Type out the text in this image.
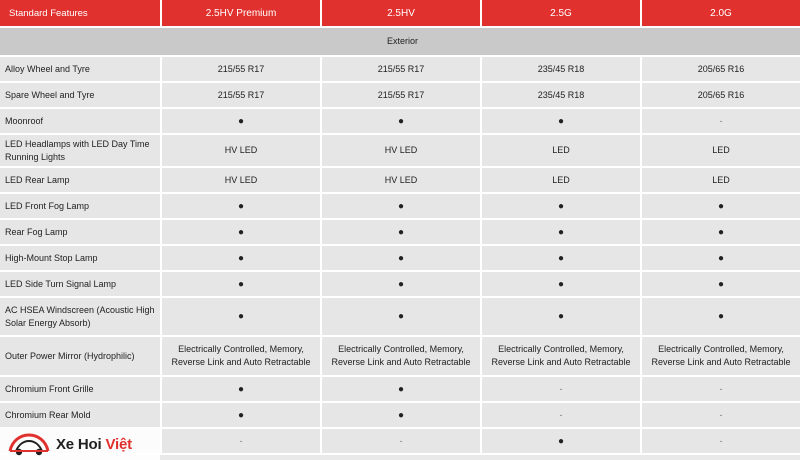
Standard Features	2.5HV Premium	2.5HV	2.5G	2.0G
Exterior				
Alloy Wheel and Tyre	215/55 R17	215/55 R17	235/45 R18	205/65 R16
Spare Wheel and Tyre	215/55 R17	215/55 R17	235/45 R18	205/65 R16
Moonroof	●	●	●	-
LED Headlamps with LED Day Time Running Lights	HV LED	HV LED	LED	LED
LED Rear Lamp	HV LED	HV LED	LED	LED
LED Front Fog Lamp	●	●	●	●
Rear Fog Lamp	●	●	●	●
High-Mount Stop Lamp	●	●	●	●
LED Side Turn Signal Lamp	●	●	●	●
AC HSEA Windscreen (Acoustic High Solar Energy Absorb)	●	●	●	●
Outer Power Mirror (Hydrophilic)	Electrically Controlled, Memory, Reverse Link and Auto Retractable	Electrically Controlled, Memory, Reverse Link and Auto Retractable	Electrically Controlled, Memory, Reverse Link and Auto Retractable	Electrically Controlled, Memory, Reverse Link and Auto Retractable
Chromium Front Grille	●	●	-	-
Chromium Rear Mold	●	●	-	-
	-	-	●	-
Xe Hoi Việt
